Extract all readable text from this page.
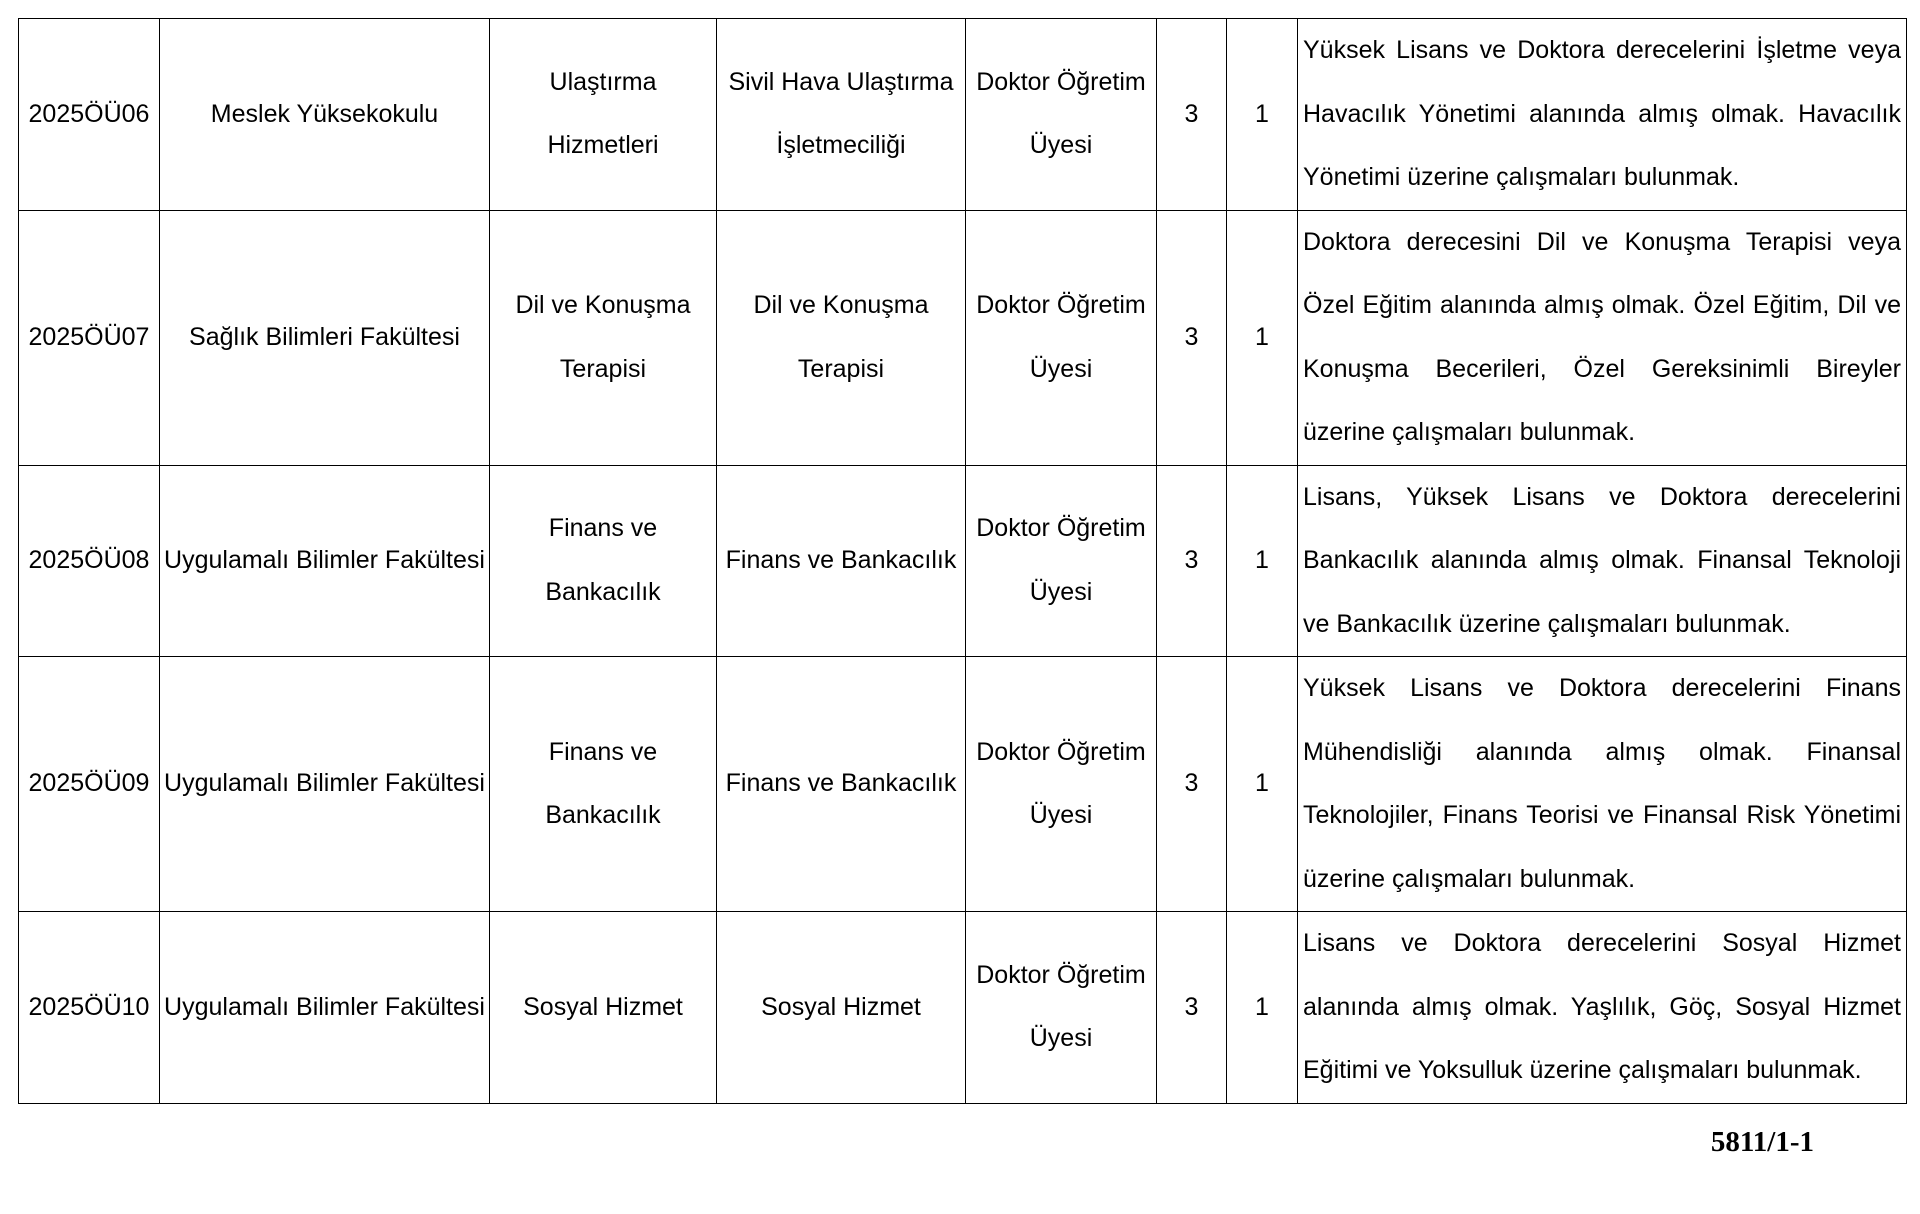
2025ÖÜ06	Meslek Yüksekokulu	Ulaştırma Hizmetleri	Sivil Hava Ulaştırma İşletmeciliği	Doktor Öğretim Üyesi	3	1	Yüksek Lisans ve Doktora derecelerini İşletme veya Havacılık Yönetimi alanında almış olmak. Havacılık Yönetimi üzerine çalışmaları bulunmak.
2025ÖÜ07	Sağlık Bilimleri Fakültesi	Dil ve Konuşma Terapisi	Dil ve Konuşma Terapisi	Doktor Öğretim Üyesi	3	1	Doktora derecesini Dil ve Konuşma Terapisi veya Özel Eğitim alanında almış olmak. Özel Eğitim, Dil ve Konuşma Becerileri, Özel Gereksinimli Bireyler üzerine çalışmaları bulunmak.
2025ÖÜ08	Uygulamalı Bilimler Fakültesi	Finans ve Bankacılık	Finans ve Bankacılık	Doktor Öğretim Üyesi	3	1	Lisans, Yüksek Lisans ve Doktora derecelerini Bankacılık alanında almış olmak. Finansal Teknoloji ve Bankacılık üzerine çalışmaları bulunmak.
2025ÖÜ09	Uygulamalı Bilimler Fakültesi	Finans ve Bankacılık	Finans ve Bankacılık	Doktor Öğretim Üyesi	3	1	Yüksek Lisans ve Doktora derecelerini Finans Mühendisliği alanında almış olmak. Finansal Teknolojiler, Finans Teorisi ve Finansal Risk Yönetimi üzerine çalışmaları bulunmak.
2025ÖÜ10	Uygulamalı Bilimler Fakültesi	Sosyal Hizmet	Sosyal Hizmet	Doktor Öğretim Üyesi	3	1	Lisans ve Doktora derecelerini Sosyal Hizmet alanında almış olmak. Yaşlılık, Göç, Sosyal Hizmet Eğitimi ve Yoksulluk üzerine çalışmaları bulunmak.
5811/1-1
